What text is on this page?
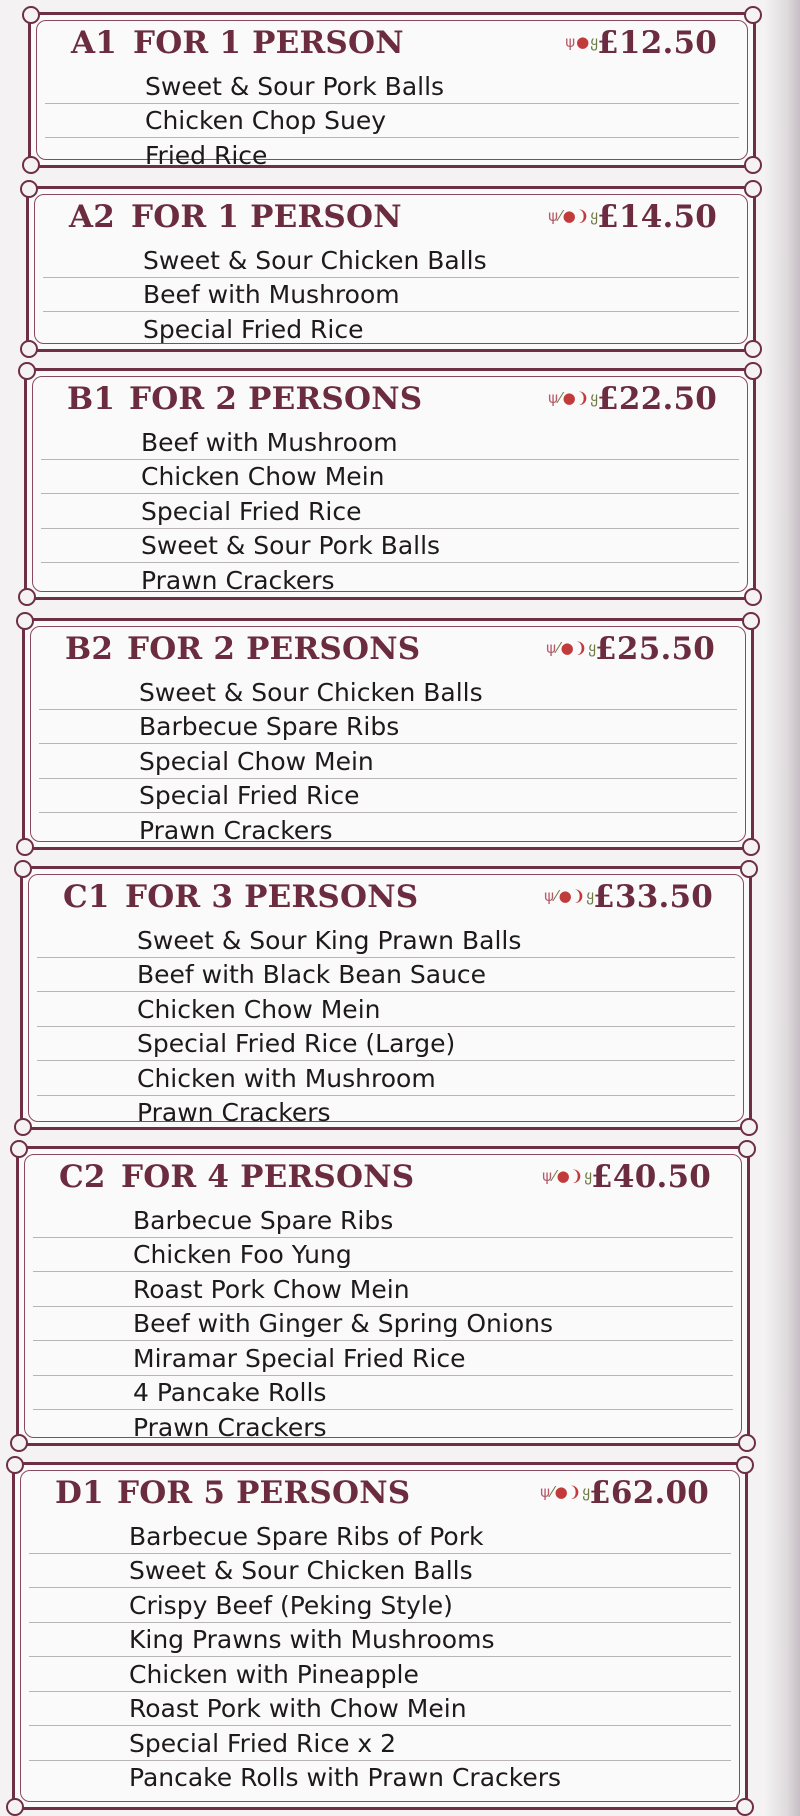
A1 FOR 1 PERSON	ψ●ყ
£12.50
Sweet & Sour Pork Balls
Chicken Chop Suey
Fried Rice
A2 FOR 1 PERSON	ψ⁄●❩ყ
£14.50
Sweet & Sour Chicken Balls
Beef with Mushroom
Special Fried Rice
B1 FOR 2 PERSONS	ψ⁄●❩ყ
£22.50
Beef with Mushroom
Chicken Chow Mein
Special Fried Rice
Sweet & Sour Pork Balls
Prawn Crackers
B2 FOR 2 PERSONS	ψ⁄●❩ყ
£25.50
Sweet & Sour Chicken Balls
Barbecue Spare Ribs
Special Chow Mein
Special Fried Rice
Prawn Crackers
C1 FOR 3 PERSONS	ψ⁄●❩ყ
£33.50
Sweet & Sour King Prawn Balls
Beef with Black Bean Sauce
Chicken Chow Mein
Special Fried Rice (Large)
Chicken with Mushroom
Prawn Crackers
C2 FOR 4 PERSONS	ψ⁄●❩ყ
£40.50
Barbecue Spare Ribs
Chicken Foo Yung
Roast Pork Chow Mein
Beef with Ginger & Spring Onions
Miramar Special Fried Rice
4 Pancake Rolls
Prawn Crackers
D1 FOR 5 PERSONS	ψ⁄●❩ყ
£62.00
Barbecue Spare Ribs of Pork
Sweet & Sour Chicken Balls
Crispy Beef (Peking Style)
King Prawns with Mushrooms
Chicken with Pineapple
Roast Pork with Chow Mein
Special Fried Rice x 2
Pancake Rolls with Prawn Crackers
